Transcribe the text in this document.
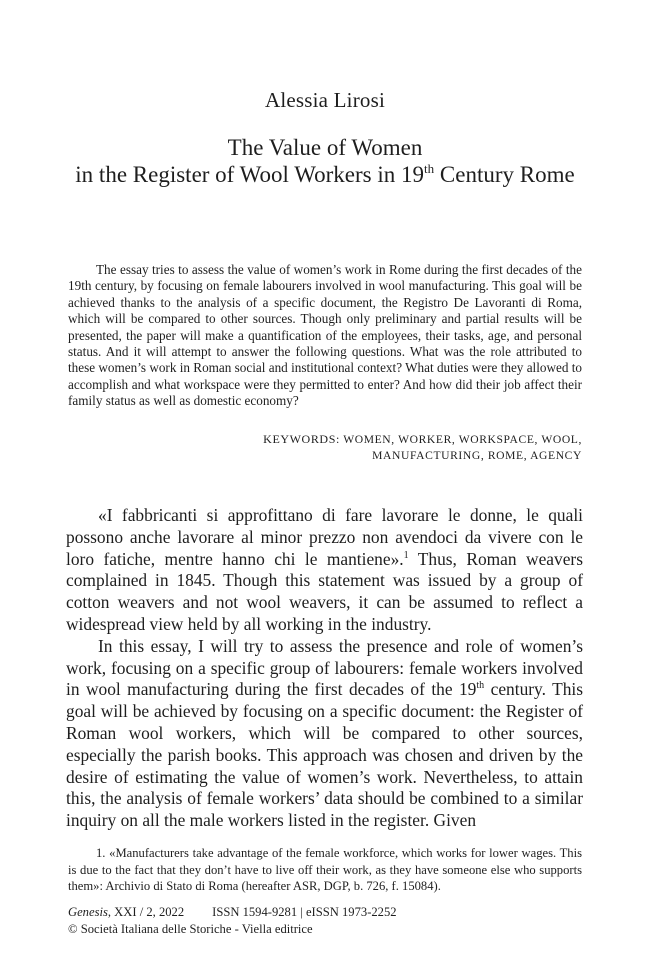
Alessia Lirosi
The Value of Women
in the Register of Wool Workers in 19th Century Rome

The essay tries to assess the value of women’s work in Rome during the first decades of the 19th century, by focusing on female labourers involved in wool manufacturing. This goal will be achieved thanks to the analysis of a specific document, the Registro De Lavoranti di Roma, which will be compared to other sources. Though only preliminary and partial results will be presented, the paper will make a quantification of the employees, their tasks, age, and personal status. And it will attempt to answer the following questions. What was the role attributed to these women’s work in Roman social and institutional context? What duties were they allowed to accomplish and what workspace were they permitted to enter? And how did their job affect their family status as well as domestic economy?

KEYWORDS: WOMEN, WORKER, WORKSPACE, WOOL,
MANUFACTURING, ROME, AGENCY

«I fabbricanti si approfittano di fare lavorare le donne, le quali possono anche lavorare al minor prezzo non avendoci da vivere con le loro fatiche, mentre hanno chi le mantiene».$^1$ Thus, Roman weavers complained in 1845. Though this statement was issued by a group of cotton weavers and not wool weavers, it can be assumed to reflect a widespread view held by all working in the industry.

In this essay, I will try to assess the presence and role of women’s work, focusing on a specific group of labourers: female workers involved in wool manufacturing during the first decades of the 19th century. This goal will be achieved by focusing on a specific document: the Register of Roman wool workers, which will be compared to other sources, especially the parish books. This approach was chosen and driven by the desire of estimating the value of women’s work. Nevertheless, to attain this, the analysis of female workers’ data should be combined to a similar inquiry on all the male workers listed in the register. Given

1. «Manufacturers take advantage of the female workforce, which works for lower wages. This is due to the fact that they don’t have to live off their work, as they have someone else who supports them»: Archivio di Stato di Roma (hereafter ASR, DGP, b. 726, f. 15084).

Genesis, XXI / 2, 2022 ISSN 1594-9281 | eISSN 1973-2252
© Società Italiana delle Storiche - Viella editrice
